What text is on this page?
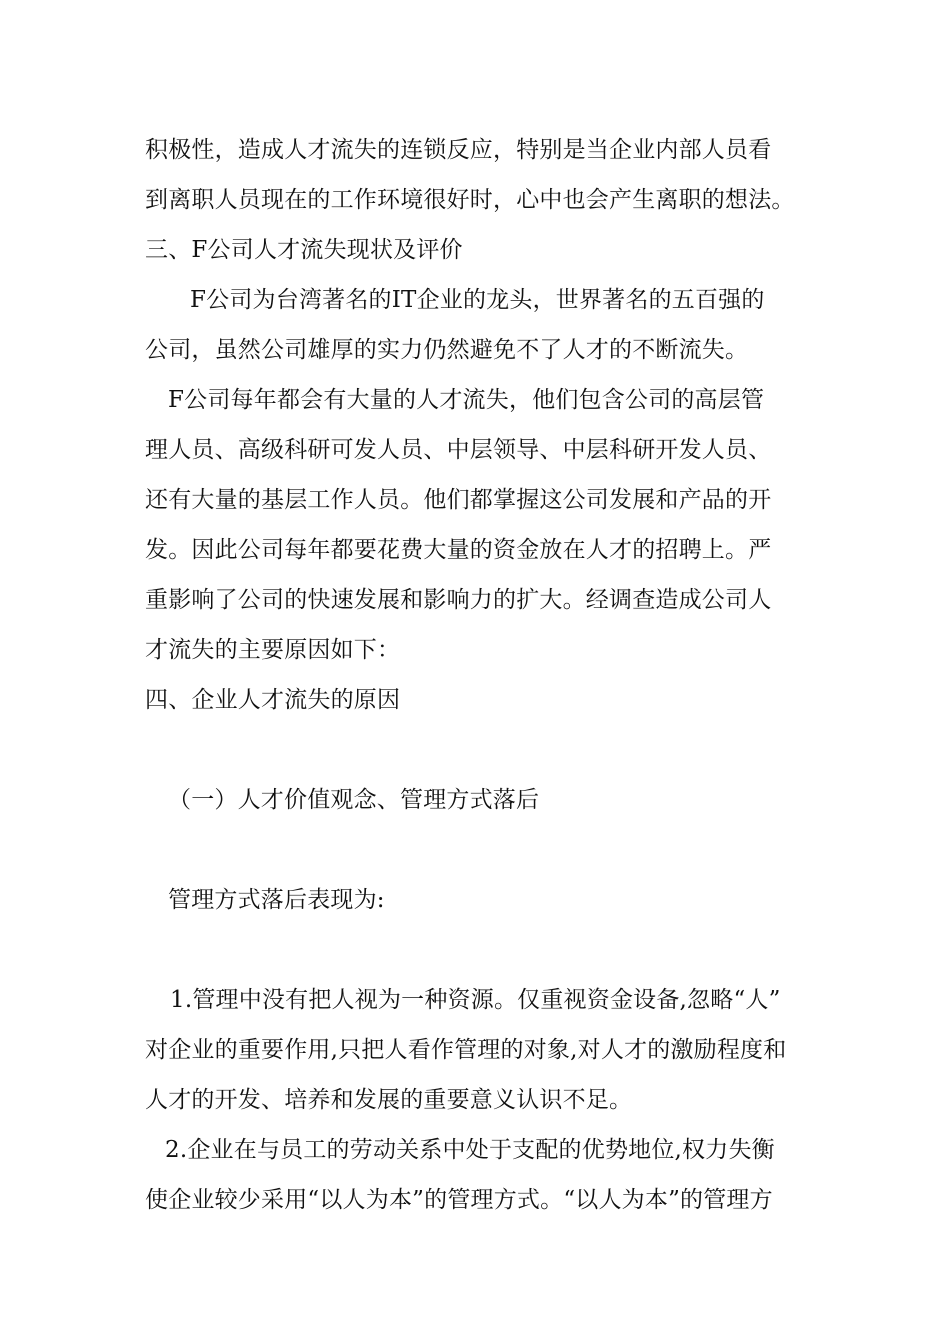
积极性，造成人才流失的连锁反应，特别是当企业内部人员看
到离职人员现在的工作环境很好时，心中也会产生离职的想法。
三、F公司人才流失现状及评价
F公司为台湾著名的IT企业的龙头，世界著名的五百强的
公司，虽然公司雄厚的实力仍然避免不了人才的不断流失。
F公司每年都会有大量的人才流失，他们包含公司的高层管
理人员、高级科研可发人员、中层领导、中层科研开发人员、
还有大量的基层工作人员。他们都掌握这公司发展和产品的开
发。因此公司每年都要花费大量的资金放在人才的招聘上。严
重影响了公司的快速发展和影响力的扩大。经调查造成公司人
才流失的主要原因如下：
四、企业人才流失的原因
（一）人才价值观念、管理方式落后
管理方式落后表现为:
1.管理中没有把人视为一种资源。仅重视资金设备,忽略“人”
对企业的重要作用,只把人看作管理的对象,对人才的激励程度和
人才的开发、培养和发展的重要意义认识不足。
2.企业在与员工的劳动关系中处于支配的优势地位,权力失衡
使企业较少采用“以人为本”的管理方式。“以人为本”的管理方
